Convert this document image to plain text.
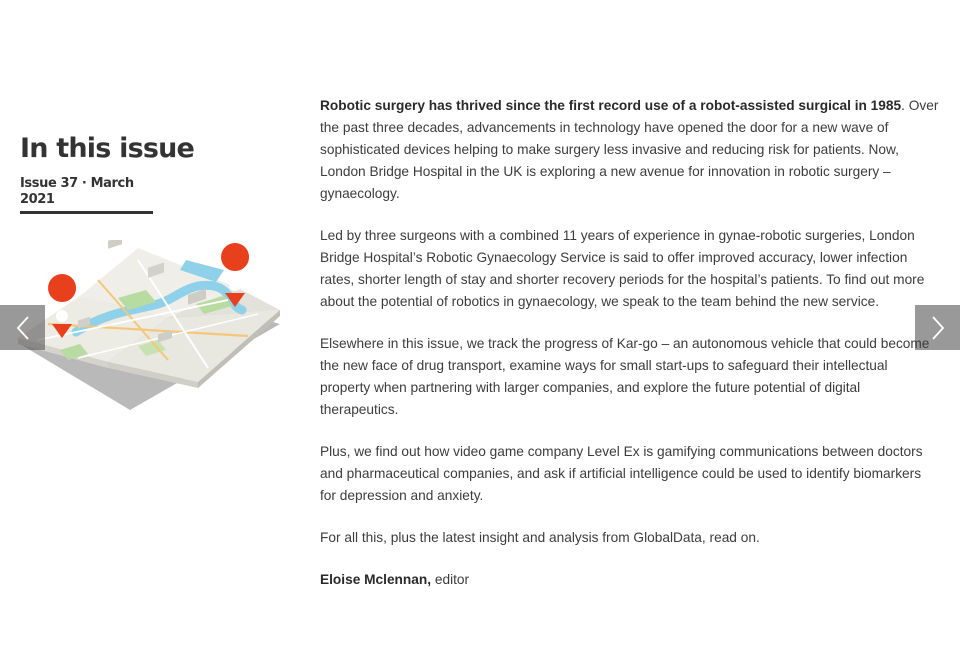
In this issue
Issue 37 · March 2021

Robotic surgery has thrived since the first record use of a robot-assisted surgical in 1985. Over the past three decades, advancements in technology have opened the door for a new wave of sophisticated devices helping to make surgery less invasive and reducing risk for patients. Now, London Bridge Hospital in the UK is exploring a new avenue for innovation in robotic surgery – gynaecology.

Led by three surgeons with a combined 11 years of experience in gynae-robotic surgeries, London Bridge Hospital’s Robotic Gynaecology Service is said to offer improved accuracy, lower infection rates, shorter length of stay and shorter recovery periods for the hospital’s patients. To find out more about the potential of robotics in gynaecology, we speak to the team behind the new service.

Elsewhere in this issue, we track the progress of Kar-go – an autonomous vehicle that could become the new face of drug transport, examine ways for small start-ups to safeguard their intellectual property when partnering with larger companies, and explore the future potential of digital therapeutics.

Plus, we find out how video game company Level Ex is gamifying communications between doctors and pharmaceutical companies, and ask if artificial intelligence could be used to identify biomarkers for depression and anxiety.

For all this, plus the latest insight and analysis from GlobalData, read on.

Eloise Mclennan, editor
